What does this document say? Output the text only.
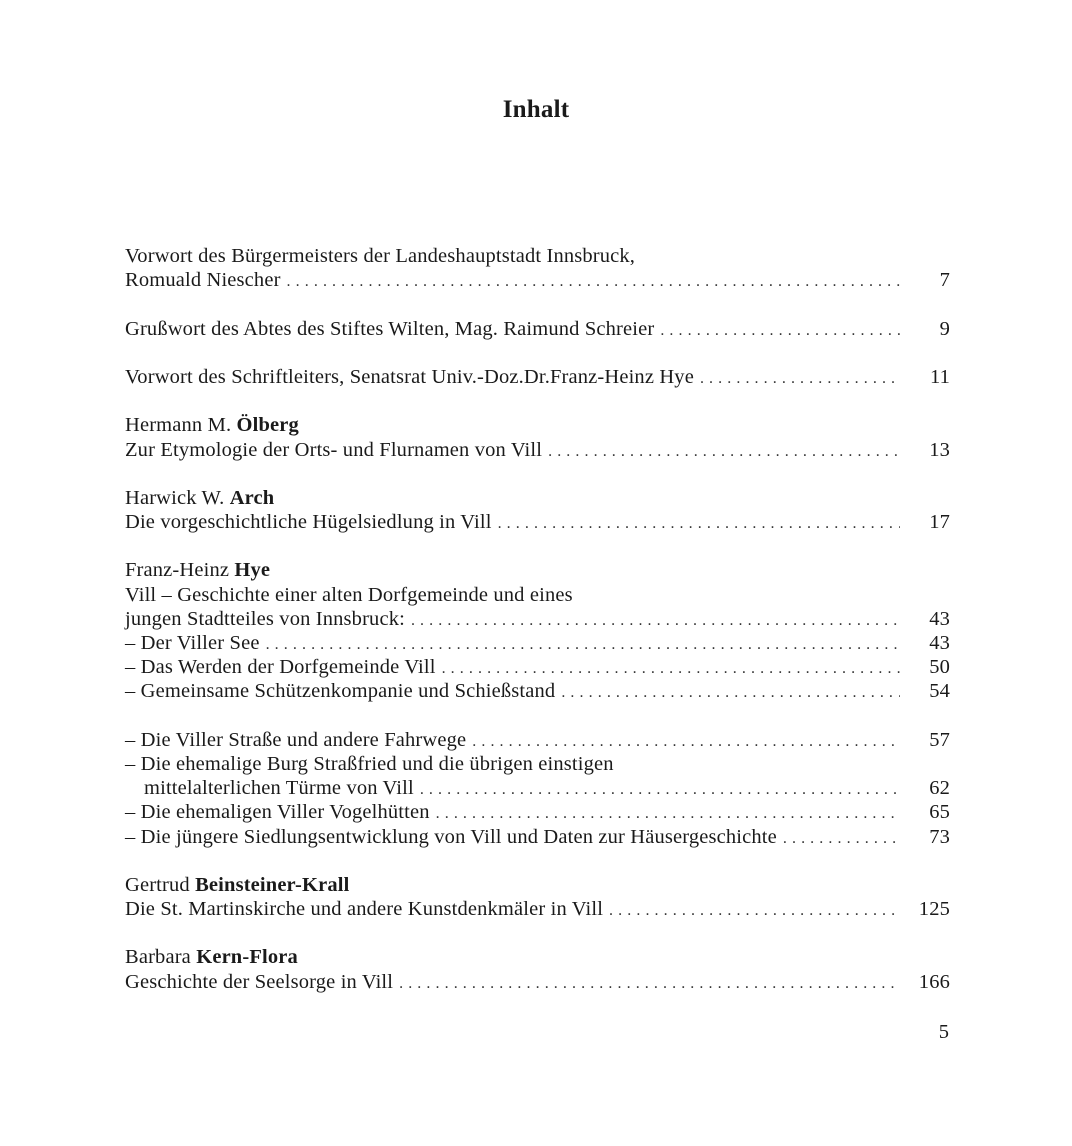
Inhalt
Vorwort des Bürgermeisters der Landeshauptstadt Innsbruck,
Romuald Niescher . . .	7
Grußwort des Abtes des Stiftes Wilten, Mag. Raimund Schreier . . .	9
Vorwort des Schriftleiters, Senatsrat Univ.-Doz.Dr.Franz-Heinz Hye . . .	11
Hermann M. Ölberg
Zur Etymologie der Orts- und Flurnamen von Vill . . .	13
Harwick W. Arch
Die vorgeschichtliche Hügelsiedlung in Vill . . .	17
Franz-Heinz Hye
Vill – Geschichte einer alten Dorfgemeinde und eines
jungen Stadtteiles von Innsbruck: . . .	43
– Der Viller See . . .	43
– Das Werden der Dorfgemeinde Vill . . .	50
– Gemeinsame Schützenkompanie und Schießstand . . .	54
– Die Viller Straße und andere Fahrwege . . .	57
– Die ehemalige Burg Straßfried und die übrigen einstigen
mittelalterlichen Türme von Vill . . .	62
– Die ehemaligen Viller Vogelhütten . . .	65
– Die jüngere Siedlungsentwicklung von Vill und Daten zur Häusergeschichte . . .	73
Gertrud Beinsteiner-Krall
Die St. Martinskirche und andere Kunstdenkmäler in Vill . . .	125
Barbara Kern-Flora
Geschichte der Seelsorge in Vill . . .	166
5
